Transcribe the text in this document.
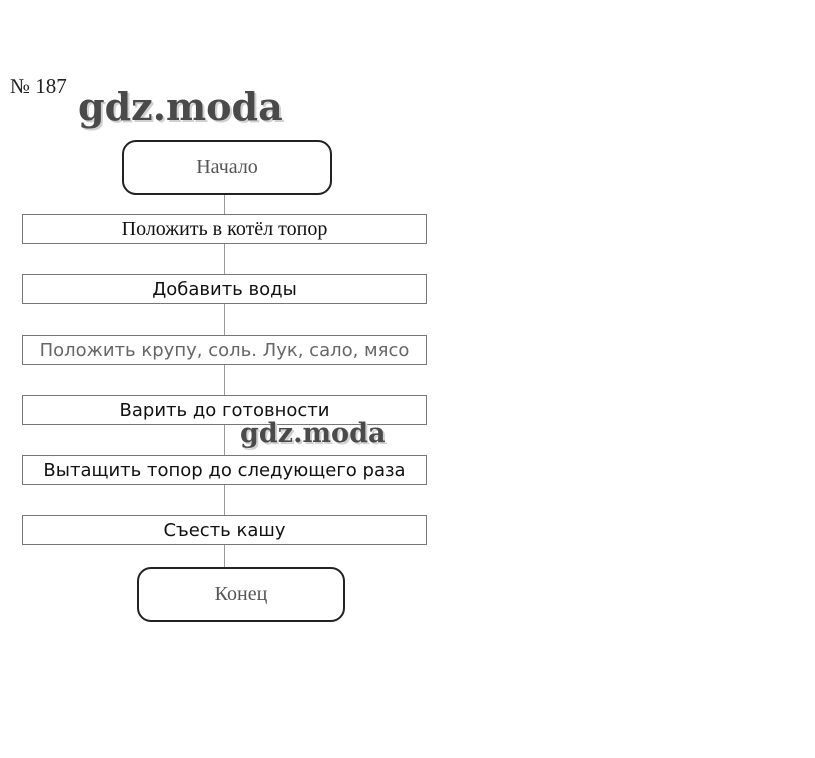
№ 187
Начало
Положить в котёл топор
Добавить воды
Положить крупу, соль. Лук, сало, мясо
Варить до готовности
Вытащить топор до следующего раза
Съесть кашу
Конец
gdz.moda
gdz.moda
